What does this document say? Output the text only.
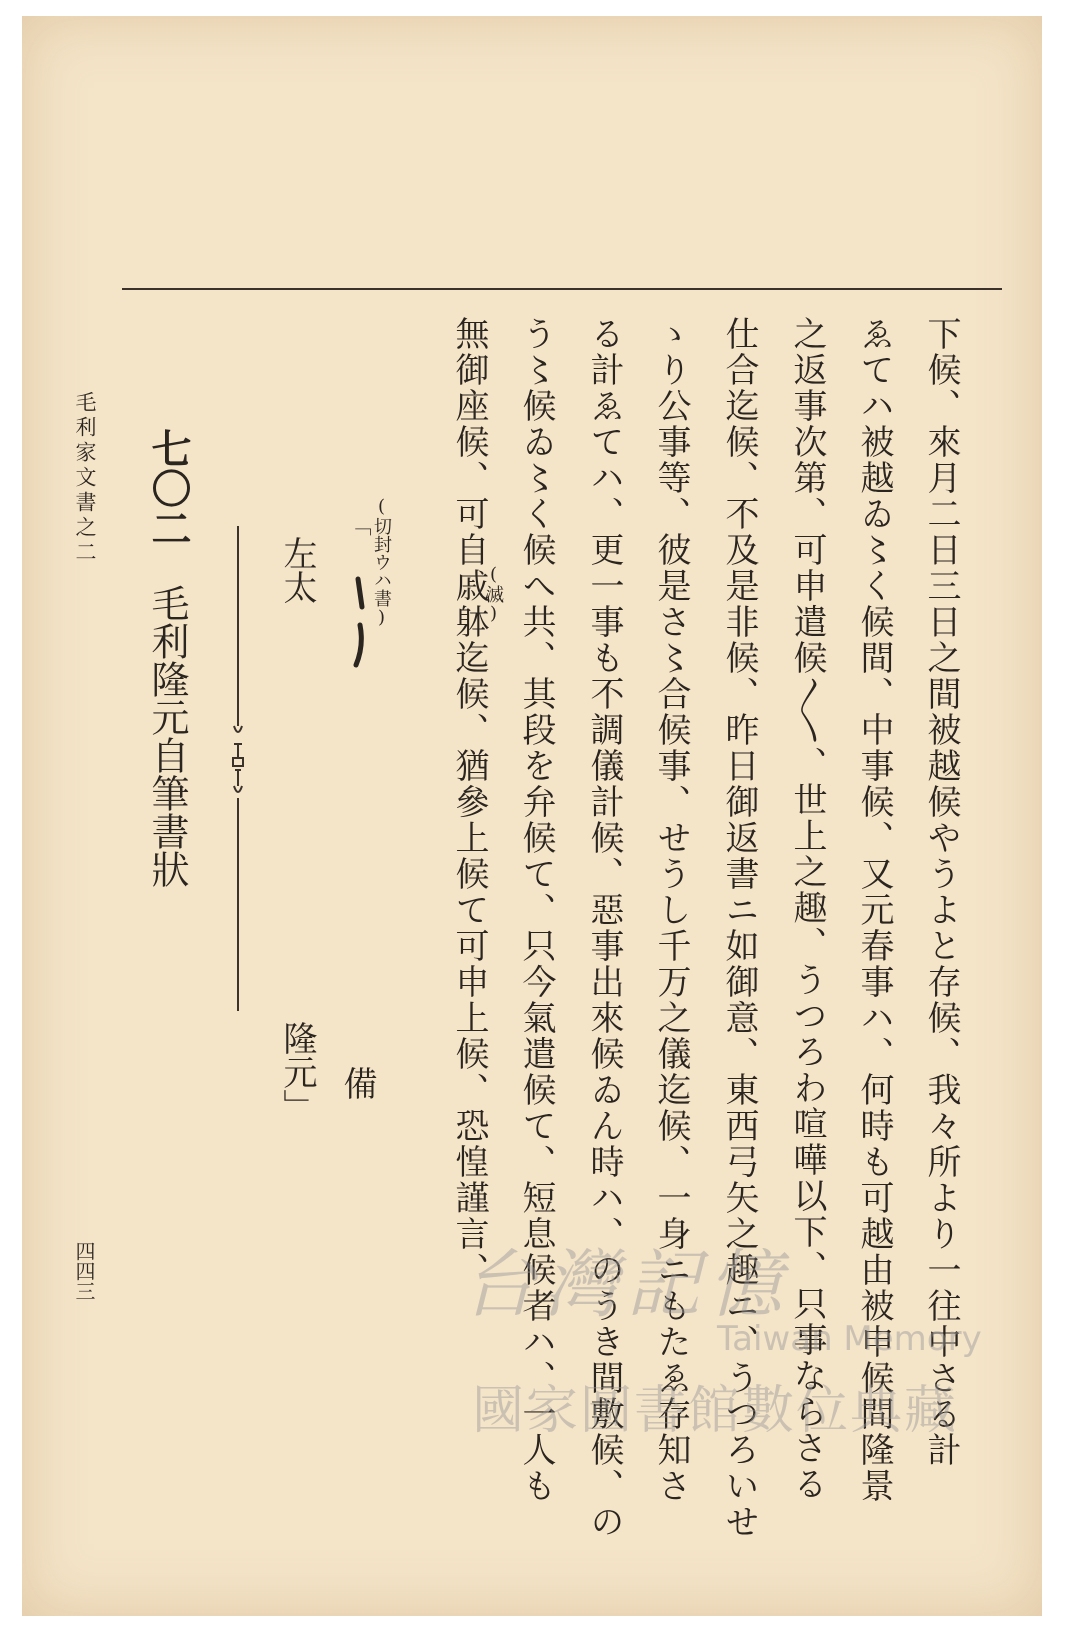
下候、來月二日三日之間被越候やうよと存候、我々所より一往中さる計
ゑてハ被越ゐ〻く候間、中事候、又元春事ハ、何時も可越由被申候間隆景
之返事次第、可申遣候〳〵、世上之趣、うつろわ喧嘩以下、只事ならさる
仕合迄候、不及是非候、昨日御返書ニ如御意、東西弓矢之趣ニ、うつろいせ
ゝり公事等、彼是さ〻合候事、せうし千万之儀迄候、一身ニもたゑ存知さ
る計ゑてハ、更一事も不調儀計候、惡事出來候ゐん時ハ、のうき間敷候、の
う〻候ゐ〻く候へ共、其段を弁候て、只今氣遣候て、短息候者ハ、一人も
無御座候、可自戚躰迄候、猶參上候て可申上候、恐惶謹言、
(滅)
備
隆元」
左太	(切封ウハ書)
「
七〇二
毛利隆元自筆書狀
毛利家文書之二
四四三	台灣記憶
Taiwan Memory
國家圖書館數位典藏
